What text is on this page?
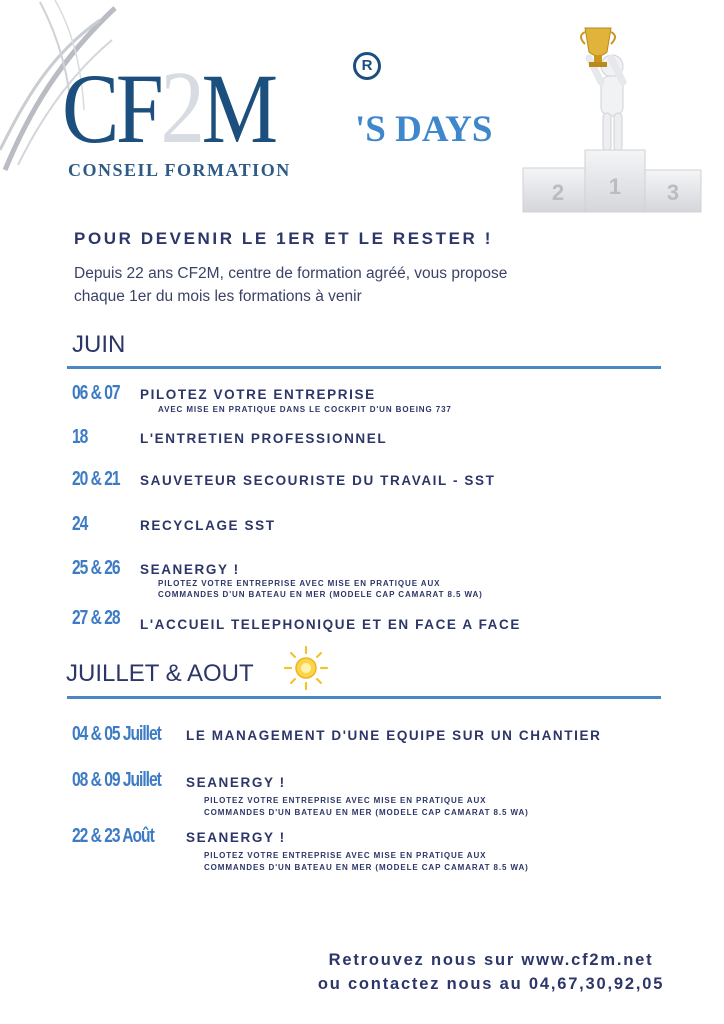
CF2M	R
'S DAYS
CONSEIL FORMATION
1
2	3
POUR DEVENIR LE 1ER ET LE RESTER !
Depuis 22 ans CF2M, centre de formation agréé, vous propose
chaque 1er du mois les formations à venir
JUIN
06 & 07 PILOTEZ VOTRE ENTREPRISE
AVEC MISE EN PRATIQUE DANS LE COCKPIT D'UN BOEING 737
18	L'ENTRETIEN PROFESSIONNEL
20 & 21 SAUVETEUR SECOURISTE DU TRAVAIL - SST
24	RECYCLAGE SST
25 & 26 SEANERGY !
PILOTEZ VOTRE ENTREPRISE AVEC MISE EN PRATIQUE AUX
COMMANDES D'UN BATEAU EN MER (MODELE CAP CAMARAT 8.5 WA)
27 & 28 L'ACCUEIL TELEPHONIQUE ET EN FACE A FACE
JUILLET & AOUT
04 & 05 Juillet LE MANAGEMENT D'UNE EQUIPE SUR UN CHANTIER
08 & 09 Juillet SEANERGY !
PILOTEZ VOTRE ENTREPRISE AVEC MISE EN PRATIQUE AUX
COMMANDES D'UN BATEAU EN MER (MODELE CAP CAMARAT 8.5 WA)
22 & 23 Août SEANERGY !
PILOTEZ VOTRE ENTREPRISE AVEC MISE EN PRATIQUE AUX
COMMANDES D'UN BATEAU EN MER (MODELE CAP CAMARAT 8.5 WA)
Retrouvez nous sur www.cf2m.net
ou contactez nous au 04,67,30,92,05
